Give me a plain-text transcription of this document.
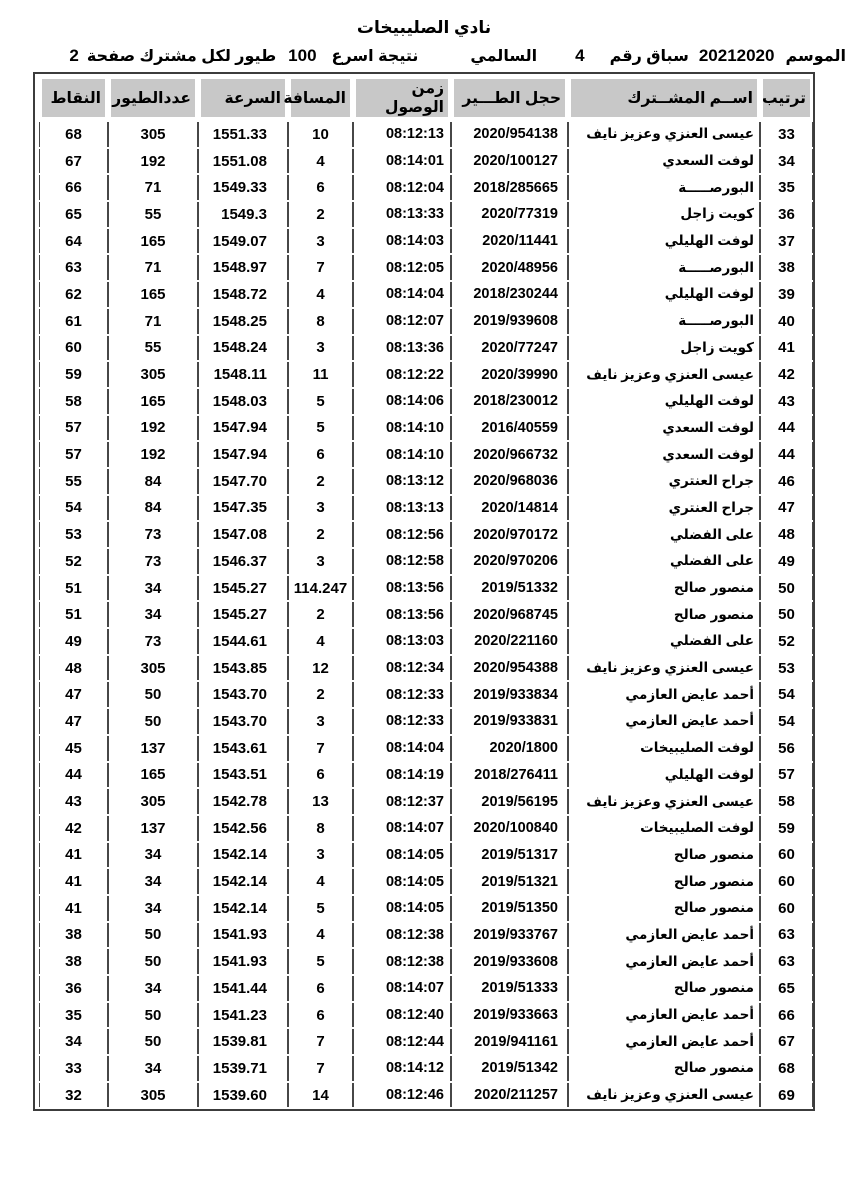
نادي الصليبيخات
الموسم
20212020
سباق رقم
4
السالمي
نتيجة اسرع
100
طيور لكل مشترك صفحة
2
ترتيب	اســم المشــترك	حجل الطـــير	زمن الوصول	المسافة	السرعة	عددالطيور	النقاط
33	عيسى العنزي وعزيز نايف	2020/954138	08:12:13	10	1551.33	305	68
34	لوفت السعدي	2020/100127	08:14:01	4	1551.08	192	67
35	البورصـــــة	2018/285665	08:12:04	6	1549.33	71	66
36	كويت زاجل	2020/77319	08:13:33	2	1549.3	55	65
37	لوفت الهليلي	2020/11441	08:14:03	3	1549.07	165	64
38	البورصـــــة	2020/48956	08:12:05	7	1548.97	71	63
39	لوفت الهليلي	2018/230244	08:14:04	4	1548.72	165	62
40	البورصـــــة	2019/939608	08:12:07	8	1548.25	71	61
41	كويت زاجل	2020/77247	08:13:36	3	1548.24	55	60
42	عيسى العنزي وعزيز نايف	2020/39990	08:12:22	11	1548.11	305	59
43	لوفت الهليلي	2018/230012	08:14:06	5	1548.03	165	58
44	لوفت السعدي	2016/40559	08:14:10	5	1547.94	192	57
44	لوفت السعدي	2020/966732	08:14:10	6	1547.94	192	57
46	جراح العنتري	2020/968036	08:13:12	2	1547.70	84	55
47	جراح العنتري	2020/14814	08:13:13	3	1547.35	84	54
48	على الفضلي	2020/970172	08:12:56	2	1547.08	73	53
49	على الفضلي	2020/970206	08:12:58	3	1546.37	73	52
50	منصور صالح	2019/51332	08:13:56	114.247	1545.27	34	51
50	منصور صالح	2020/968745	08:13:56	2	1545.27	34	51
52	على الفضلي	2020/221160	08:13:03	4	1544.61	73	49
53	عيسى العنزي وعزيز نايف	2020/954388	08:12:34	12	1543.85	305	48
54	أحمد عايض العازمي	2019/933834	08:12:33	2	1543.70	50	47
54	أحمد عايض العازمي	2019/933831	08:12:33	3	1543.70	50	47
56	لوفت الصليبيخات	2020/1800	08:14:04	7	1543.61	137	45
57	لوفت الهليلي	2018/276411	08:14:19	6	1543.51	165	44
58	عيسى العنزي وعزيز نايف	2019/56195	08:12:37	13	1542.78	305	43
59	لوفت الصليبيخات	2020/100840	08:14:07	8	1542.56	137	42
60	منصور صالح	2019/51317	08:14:05	3	1542.14	34	41
60	منصور صالح	2019/51321	08:14:05	4	1542.14	34	41
60	منصور صالح	2019/51350	08:14:05	5	1542.14	34	41
63	أحمد عايض العازمي	2019/933767	08:12:38	4	1541.93	50	38
63	أحمد عايض العازمي	2019/933608	08:12:38	5	1541.93	50	38
65	منصور صالح	2019/51333	08:14:07	6	1541.44	34	36
66	أحمد عايض العازمي	2019/933663	08:12:40	6	1541.23	50	35
67	أحمد عايض العازمي	2019/941161	08:12:44	7	1539.81	50	34
68	منصور صالح	2019/51342	08:14:12	7	1539.71	34	33
69	عيسى العنزي وعزيز نايف	2020/211257	08:12:46	14	1539.60	305	32
